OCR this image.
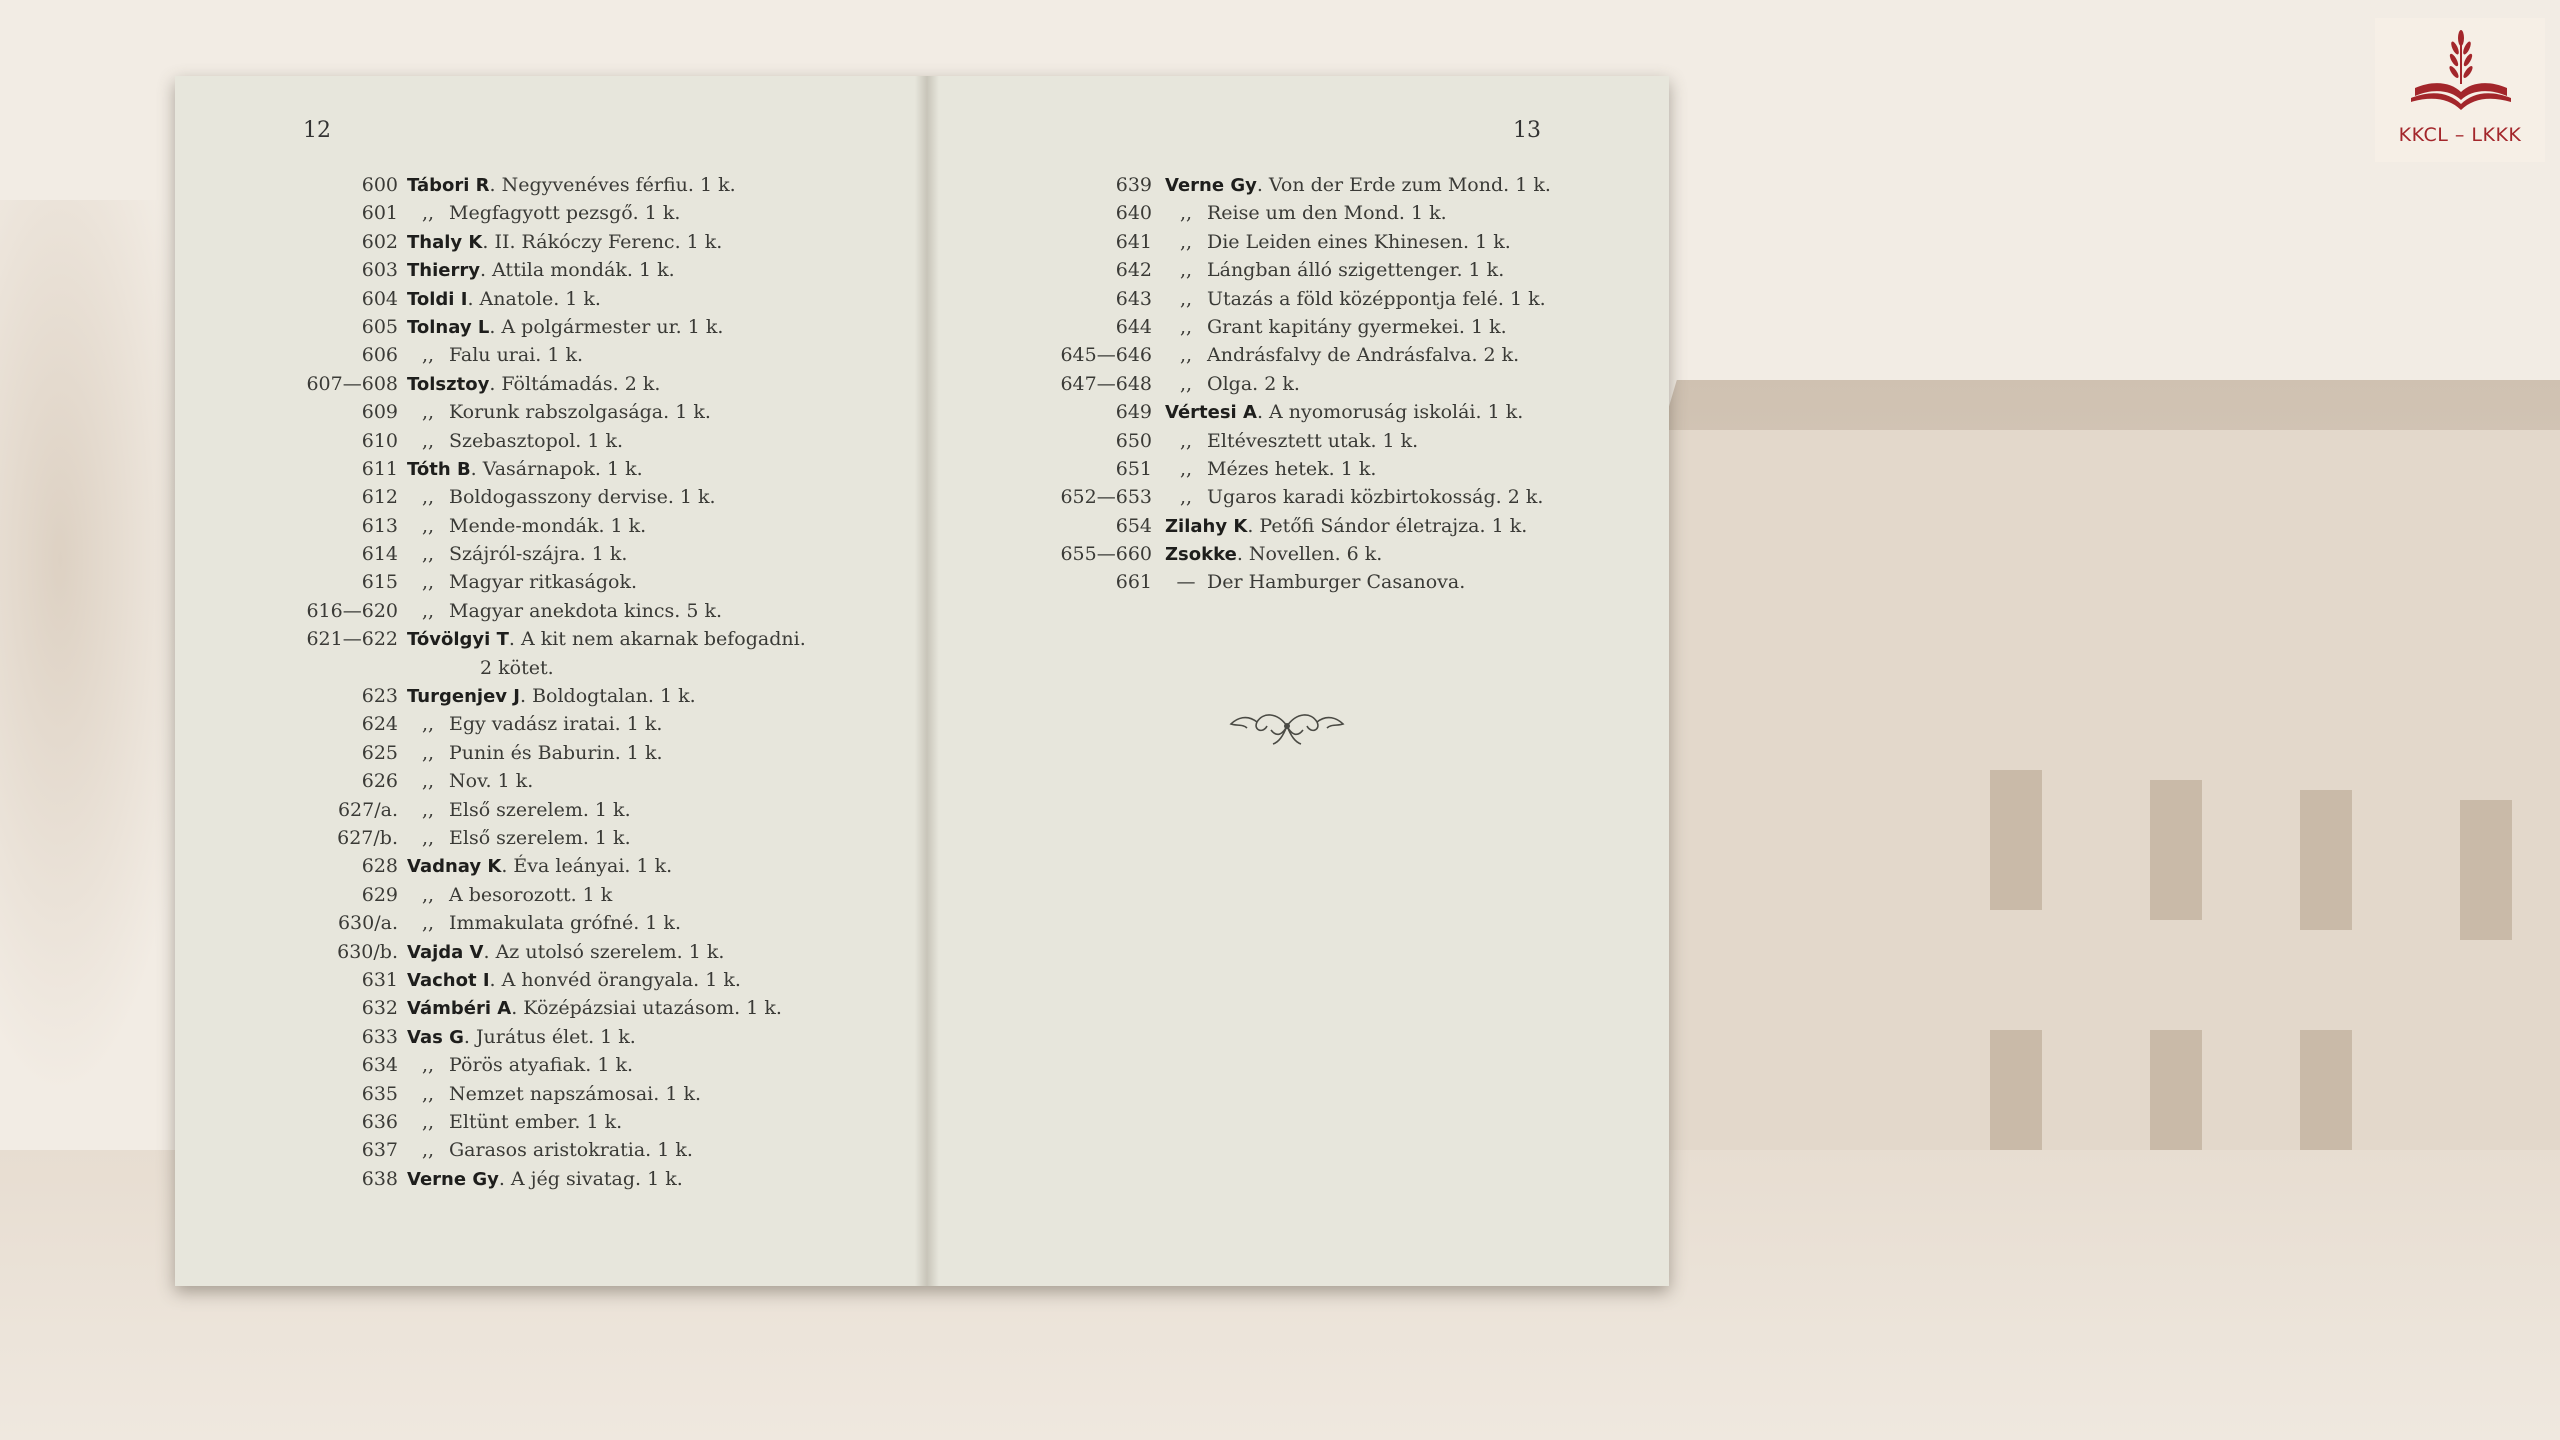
12
600 Tábori R. Negyvenéves férfiu. 1 k.
601	,, Megfagyott pezsgő. 1 k.
602 Thaly K. II. Rákóczy Ferenc. 1 k.
603 Thierry. Attila mondák. 1 k.
604 Toldi I. Anatole. 1 k.
605 Tolnay L. A polgármester ur. 1 k.
606	,, Falu urai. 1 k.
607—608 Tolsztoy. Föltámadás. 2 k.
609	,, Korunk rabszolgasága. 1 k.
610	,, Szebasztopol. 1 k.
611 Tóth B. Vasárnapok. 1 k.
612	,, Boldogasszony dervise. 1 k.
613	,, Mende-mondák. 1 k.
614	,, Szájról-szájra. 1 k.
615	,, Magyar ritkaságok.
616—620	,, Magyar anekdota kincs. 5 k.
621—622 Tóvölgyi T. A kit nem akarnak befogadni.
2 kötet.
623 Turgenjev J. Boldogtalan. 1 k.
624	,, Egy vadász iratai. 1 k.
625	,, Punin és Baburin. 1 k.
626	,, Nov. 1 k.
627/a.	,, Első szerelem. 1 k.
627/b.	,, Első szerelem. 1 k.
628 Vadnay K. Éva leányai. 1 k.
629	,, A besorozott. 1 k
630/a.	,, Immakulata grófné. 1 k.
630/b. Vajda V. Az utolsó szerelem. 1 k.
631 Vachot I. A honvéd örangyala. 1 k.
632 Vámbéri A. Középázsiai utazásom. 1 k.
633 Vas G. Jurátus élet. 1 k.
634	,, Pörös atyafiak. 1 k.
635	,, Nemzet napszámosai. 1 k.
636	,, Eltünt ember. 1 k.
637	,, Garasos aristokratia. 1 k.
638 Verne Gy. A jég sivatag. 1 k.
13
639 Verne Gy. Von der Erde zum Mond. 1 k.
640	,, Reise um den Mond. 1 k.
641	,, Die Leiden eines Khinesen. 1 k.
642	,, Lángban álló szigettenger. 1 k.
643	,, Utazás a föld középpontja felé. 1 k.
644	,, Grant kapitány gyermekei. 1 k.
645—646	,, Andrásfalvy de Andrásfalva. 2 k.
647—648	,, Olga. 2 k.
649 Vértesi A. A nyomoruság iskolái. 1 k.
650	,, Eltévesztett utak. 1 k.
651	,, Mézes hetek. 1 k.
652—653	,, Ugaros karadi közbirtokosság. 2 k.
654 Zilahy K. Petőfi Sándor életrajza. 1 k.
655—660 Zsokke. Novellen. 6 k.
661	— Der Hamburger Casanova.
KKCL – LKKK
